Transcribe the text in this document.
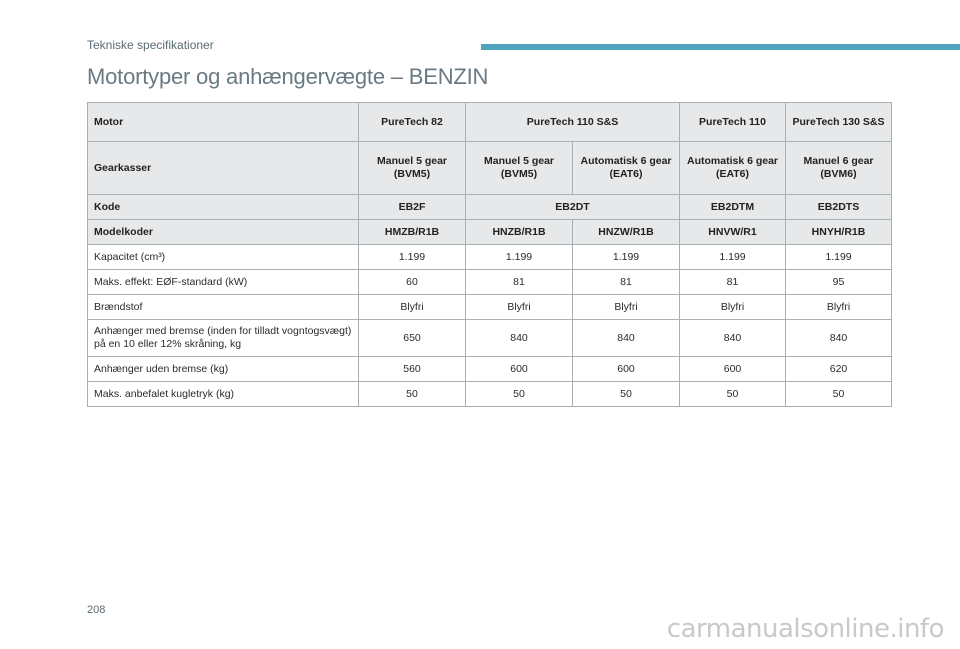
Tekniske specifikationer
Motortyper og anhængervægte – BENZIN
Motor	PureTech 82	PureTech 110 S&S		PureTech 110	PureTech 130 S&S
Gearkasser	Manuel 5 gear (BVM5)	Manuel 5 gear (BVM5)	Automatisk 6 gear (EAT6)	Automatisk 6 gear (EAT6)	Manuel 6 gear (BVM6)
Kode	EB2F	EB2DT		EB2DTM	EB2DTS
Modelkoder	HMZB/R1B	HNZB/R1B	HNZW/R1B	HNVW/R1	HNYH/R1B
Kapacitet (cm³)	1.199	1.199	1.199	1.199	1.199
Maks. effekt: EØF-standard (kW)	60	81	81	81	95
Brændstof	Blyfri	Blyfri	Blyfri	Blyfri	Blyfri
Anhænger med bremse (inden for tilladt vogntogsvægt) på en 10 eller 12% skråning, kg	650	840	840	840	840
Anhænger uden bremse (kg)	560	600	600	600	620
Maks. anbefalet kugletryk (kg)	50	50	50	50	50
208
carmanualsonline.info
